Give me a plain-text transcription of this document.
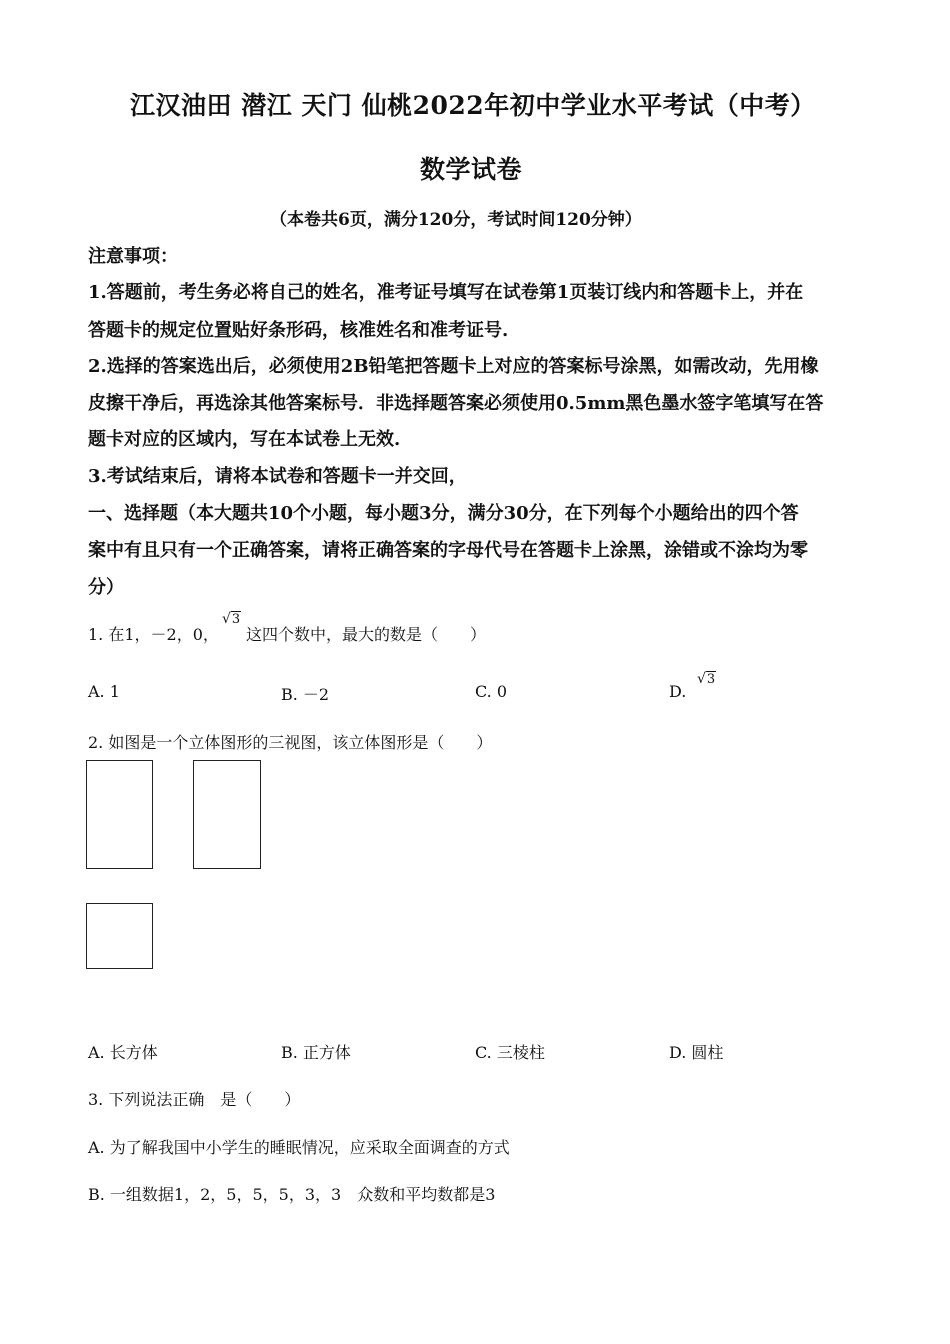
江汉油田 潜江 天门 仙桃2022年初中学业水平考试（中考）
数学试卷
（本卷共6页，满分120分，考试时间120分钟）
注意事项：
1.答题前，考生务必将自己的姓名，准考证号填写在试卷第1页装订线内和答题卡上，并在
答题卡的规定位置贴好条形码，核准姓名和准考证号.
2.选择的答案选出后，必须使用2B铅笔把答题卡上对应的答案标号涂黑，如需改动，先用橡
皮擦干净后，再选涂其他答案标号．非选择题答案必须使用0.5mm黑色墨水签字笔填写在答
题卡对应的区域内，写在本试卷上无效.
3.考试结束后，请将本试卷和答题卡一并交回，
一、选择题（本大题共10个小题，每小题3分，满分30分，在下列每个小题给出的四个答
案中有且只有一个正确答案，请将正确答案的字母代号在答题卡上涂黑，涂错或不涂均为零
分）
1. 在1，－2，0，
√3
这四个数中，最大的数是（　　）
A. 1	B. －2	C. 0	D.
√3
2. 如图是一个立体图形的三视图，该立体图形是（　　）
A. 长方体	B. 正方体	C. 三棱柱	D. 圆柱
3. 下列说法正确　是（　　）
A. 为了解我国中小学生的睡眠情况，应采取全面调查的方式
B. 一组数据1，2，5，5，5，3，3　众数和平均数都是3
